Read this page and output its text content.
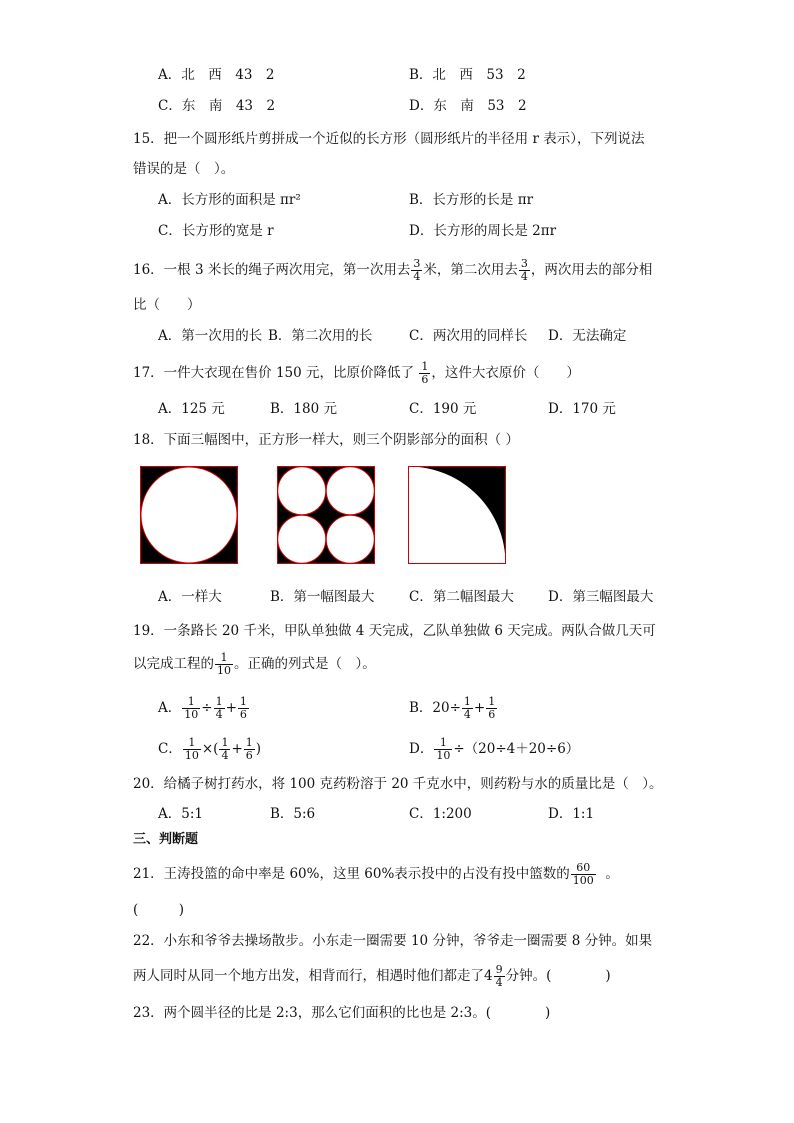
A．北　西　43　2	B．北　西　53　2
C．东　南　43　2	D．东　南　53　2
15．把一个圆形纸片剪拼成一个近似的长方形（圆形纸片的半径用 r 表示），下列说法
错误的是（　）。
A．长方形的面积是 πr²	B．长方形的长是 πr
C．长方形的宽是 r	D．长方形的周长是 2πr
16．一根 3 米长的绳子两次用完，第一次用去 $\frac{3}{4}$ 米，第二次用去 $\frac{3}{4}$ ，两次用去的部分相
比（　　）
A．第一次用的长 B．第二次用的长	C．两次用的同样长 D．无法确定
17．一件大衣现在售价 150 元，比原价降低了 $\frac{1}{6}$ ，这件大衣原价（　　）
A．125 元	B．180 元	C．190 元	D．170 元
18．下面三幅图中，正方形一样大，则三个阴影部分的面积（ ）
A．一样大	B．第一幅图最大	C．第二幅图最大	D．第三幅图最大
19．一条路长 20 千米，甲队单独做 4 天完成，乙队单独做 6 天完成。两队合做几天可
以完成工程的 $\frac{1}{10}$ 。正确的列式是（　）。
A． $\frac{1}{10} \div \frac{1}{4} + \frac{1}{6}$	B．$20\div \frac{1}{4} + \frac{1}{6}$
C． $\frac{1}{10}$ ×( $\frac{1}{4} + \frac{1}{6}$ )	D． $\frac{1}{10} \div(20\div 4+20\div 6)$
20．给橘子树打药水，将 100 克药粉溶于 20 千克水中，则药粉与水的质量比是（　）。
A．5:1	B．5:6	C．1:200	D．1:1
三、判断题
21．王涛投篮的命中率是 60%，这里 60%表示投中的占没有投中篮数的 $\frac{60}{100}$ 。
(　　　)
22．小东和爷爷去操场散步。小东走一圈需要 10 分钟，爷爷走一圈需要 8 分钟。如果
两人同时从同一个地方出发，相背而行，相遇时他们都走了$4 \frac{9}{4}$ 分钟。(　　　　)
23．两个圆半径的比是 2:3，那么它们面积的比也是 2:3。(　　　　)
